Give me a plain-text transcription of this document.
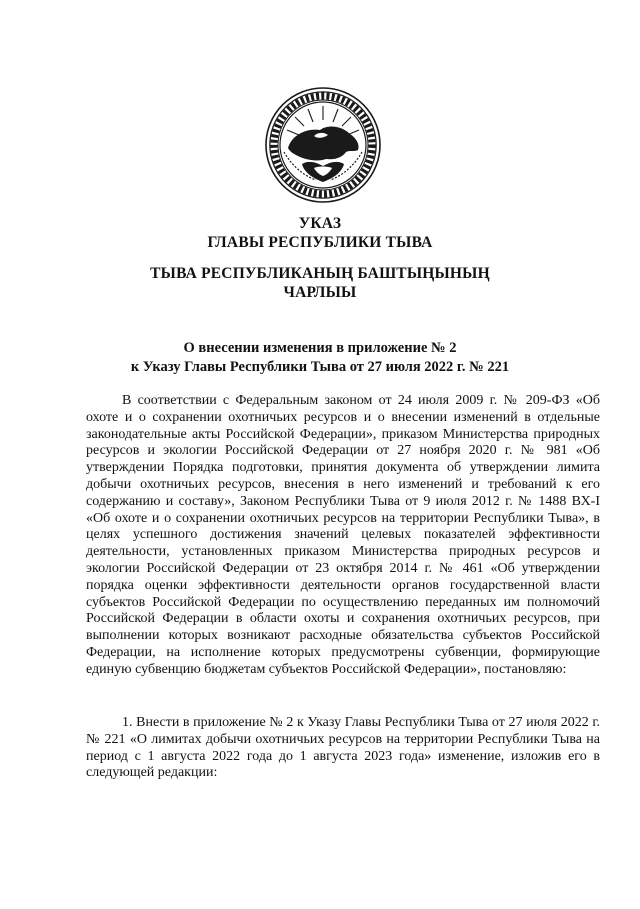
УКАЗ
ГЛАВЫ РЕСПУБЛИКИ ТЫВА
ТЫВА РЕСПУБЛИКАНЫҢ БАШТЫҢЫНЫҢ
ЧАРЛЫЫ
О внесении изменения в приложение № 2
к Указу Главы Республики Тыва от 27 июля 2022 г. № 221

В соответствии с Федеральным законом от 24 июля 2009 г. № 209-ФЗ «Об охоте и о сохранении охотничьих ресурсов и о внесении изменений в отдельные законодательные акты Российской Федерации», приказом Министерства природных ресурсов и экологии Российской Федерации от 27 ноября 2020 г. № 981 «Об утверждении Порядка подготовки, принятия документа об утверждении лимита добычи охотничьих ресурсов, внесения в него изменений и требований к его содержанию и составу», Законом Республики Тыва от 9 июля 2012 г. № 1488 ВХ-I «Об охоте и о сохранении охотничьих ресурсов на территории Республики Тыва», в целях успешного достижения значений целевых показателей эффективности деятельности, установленных приказом Министерства природных ресурсов и экологии Российской Федерации от 23 октября 2014 г. № 461 «Об утверждении порядка оценки эффективности деятельности органов государственной власти субъектов Российской Федерации по осуществлению переданных им полномочий Российской Федерации в области охоты и сохранения охотничьих ресурсов, при выполнении которых возникают расходные обязательства субъектов Российской Федерации, на исполнение которых предусмотрены субвенции, формирующие единую субвенцию бюджетам субъектов Российской Федерации», постановляю:

1. Внести в приложение № 2 к Указу Главы Республики Тыва от 27 июля 2022 г. № 221 «О лимитах добычи охотничьих ресурсов на территории Республики Тыва на период с 1 августа 2022 года до 1 августа 2023 года» изменение, изложив его в следующей редакции:
